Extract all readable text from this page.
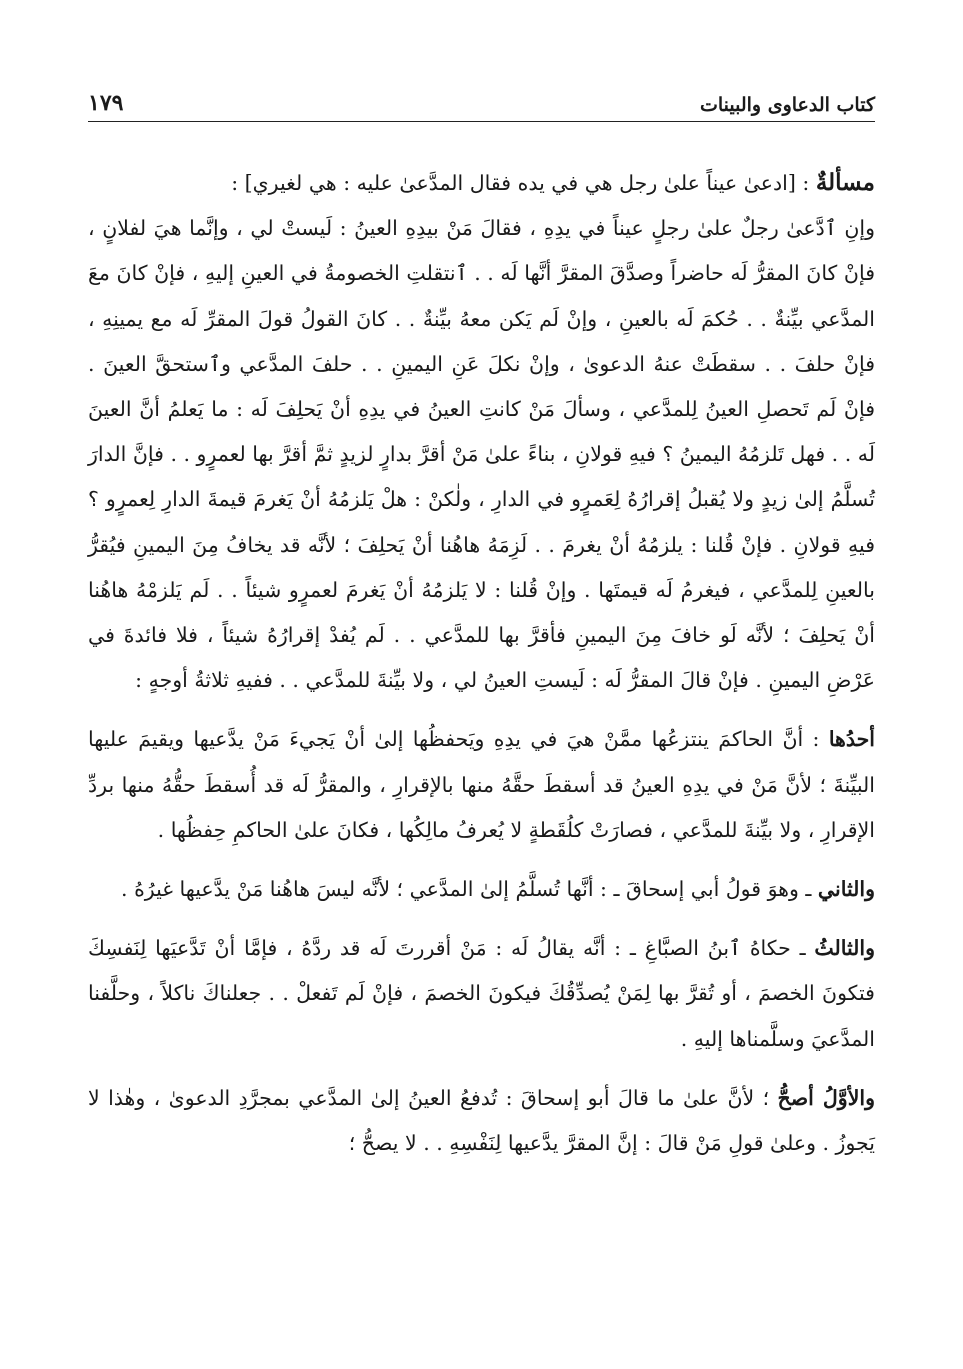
كتاب الدعاوى والبينات
١٧٩

مسألةٌ : [ادعىٰ عيناً علىٰ رجل هي في يده فقال المدَّعىٰ عليه : هي لغيري] :

وإنِ ٱدَّعىٰ رجلٌ علىٰ رجلٍ عيناً في يدِهِ ، فقالَ مَنْ بيدِهِ العينُ : لَيستْ لي ، وإنَّما هيَ لفلانٍ ، فإنْ كانَ المقرُّ لَه حاضراً وصدَّقَ المقرَّ أنَّها لَه . . ٱنتقلتِ الخصومةُ في العينِ إليهِ ، فإنْ كانَ معَ المدَّعي بيِّنةٌ . . حُكمَ لَه بالعينِ ، وإنْ لَم يَكن معهُ بيِّنةٌ . . كانَ القولُ قولَ المقرِّ لَه مع يمينِهِ ، فإنْ حلفَ . . سقطَتْ عنهُ الدعوىٰ ، وإنْ نكلَ عَنِ اليمينِ . . حلفَ المدَّعي وٱستحقَّ العينَ . فإنْ لَم تَحصلِ العينُ لِلمدَّعي ، وسألَ مَنْ كانتِ العينُ في يدِهِ أنْ يَحلِفَ لَه : ما يَعلمُ أنَّ العينَ لَه . . فهل تَلزمُهُ اليمينُ ؟ فيهِ قولانِ ، بناءً علىٰ مَنْ أقرَّ بدارٍ لزيدٍ ثمَّ أقرَّ بها لعمرٍو . . فإنَّ الدارَ تُسلَّمُ إلىٰ زيدٍ ولا يُقبلُ إقرارُهُ لِعَمرٍو في الدارِ ، ولٰكنْ : هلْ يَلزمُهُ أنْ يَغرمَ قيمةَ الدارِ لِعمرٍو ؟ فيهِ قولانِ . فإنْ قُلنا : يلزمُهُ أنْ يغرمَ . . لَزِمَهُ هاهُنا أنْ يَحلِفَ ؛ لأنَّه قد يخافُ مِنَ اليمينِ فيُقرُّ بالعينِ لِلمدَّعي ، فيغرمُ لَه قيمتَها . وإنْ قُلنا : لا يَلزمُهُ أنْ يَغرمَ لعمرٍو شيئاً . . لَم يَلزمْهُ هاهُنا أنْ يَحلِفَ ؛ لأنَّه لَو خافَ مِنَ اليمينِ فأقرَّ بها للمدَّعي . . لَم يُفدْ إقرارُهُ شيئاً ، فلا فائدةَ في عَرْضِ اليمينِ . فإنْ قالَ المقرُّ لَه : لَيستِ العينُ لي ، ولا بيِّنةَ للمدَّعي . . ففيهِ ثلاثةُ أوجهٍ :

أحدُها : أنَّ الحاكمَ ينتزعُها ممَّنْ هيَ في يدِهِ ويَحفظُها إلىٰ أنْ يَجيءَ مَنْ يدَّعيها ويقيمَ عليها البيِّنةَ ؛ لأنَّ مَنْ في يدِهِ العينُ قد أسقطَ حقَّهُ منها بالإقرارِ ، والمقرُّ لَه قد أُسقطَ حقُّهُ منها بردِّ الإقرارِ ، ولا بيِّنةَ للمدَّعي ، فصارَتْ كلُقَطةٍ لا يُعرفُ مالِكُها ، فكانَ علىٰ الحاكمِ حِفظُها .

والثاني ـ وهوَ قولُ أبي إسحاقَ ـ : أنَّها تُسلَّمُ إلىٰ المدَّعي ؛ لأنَّه ليسَ هاهُنا مَنْ يدَّعيها غيرُهُ .

والثالثُ ـ حكاهُ ٱبنُ الصبَّاغِ ـ : أنَّه يقالُ لَه : مَنْ أقررتَ لَه قد ردَّهُ ، فإمَّا أنْ تَدَّعيَها لِنَفسِكَ فتكونَ الخصمَ ، أو تُقرَّ بها لِمَنْ يُصدِّقُكَ فيكونَ الخصمَ ، فإنْ لَم تَفعلْ . . جعلناكَ ناكلاً ، وحلَّفنا المدَّعيَ وسلَّمناها إليهِ .

والأوَّلُ أصحُّ ؛ لأنَّ علىٰ ما قالَ أبو إسحاقَ : تُدفعُ العينُ إلىٰ المدَّعي بمجرَّدِ الدعوىٰ ، وهٰذا لا يَجوزُ . وعلىٰ قولِ مَنْ قالَ : إنَّ المقرَّ يدَّعيها لِنَفْسِهِ . . لا يصحُّ ؛
